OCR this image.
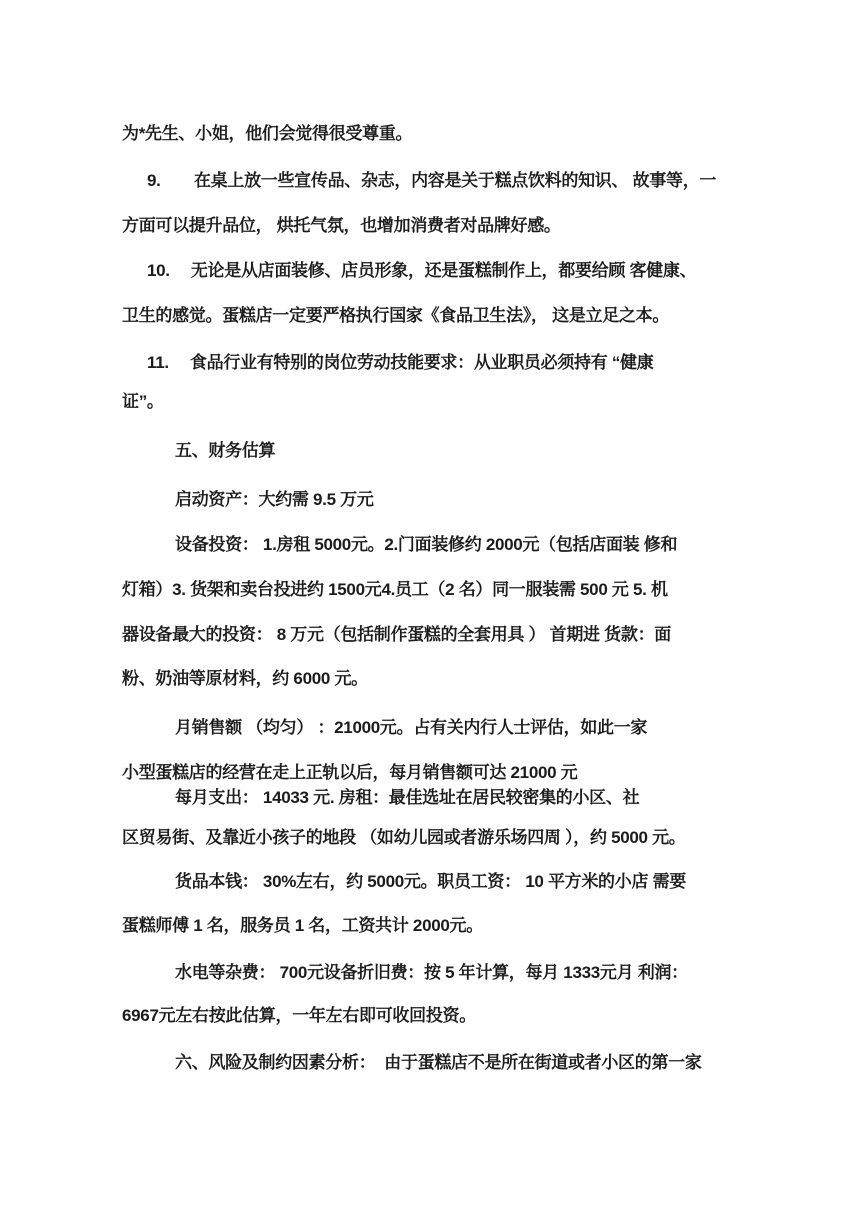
为*先生、小姐，他们会觉得很受尊重。
9.　　在桌上放一些宣传品、杂志，内容是关于糕点饮料的知识、 故事等，一
方面可以提升品位， 烘托气氛，也增加消费者对品牌好感。
10.　 无论是从店面装修、店员形象，还是蛋糕制作上，都要给顾 客健康、
卫生的感觉。蛋糕店一定要严格执行国家《食品卫生法》， 这是立足之本。
11.　 食品行业有特别的岗位劳动技能要求：从业职员必须持有 “健康
证”。
五、财务估算
启动资产：大约需 9.5 万元
设备投资： 1.房租 5000元。2.门面装修约 2000元（包括店面装 修和
灯箱）3. 货架和卖台投进约 1500元4.员工（2 名）同一服装需 500 元 5. 机
器设备最大的投资： 8 万元（包括制作蛋糕的全套用具 ） 首期进 货款：面
粉、奶油等原材料，约 6000 元。
月销售额 （均匀） ：21000元。占有关内行人士评估，如此一家
小型蛋糕店的经营在走上正轨以后，每月销售额可达 21000 元
每月支出： 14033 元. 房租：最佳选址在居民较密集的小区、社
区贸易街、及靠近小孩子的地段 （如幼儿园或者游乐场四周 ），约 5000 元。
货品本钱： 30%左右，约 5000元。职员工资： 10 平方米的小店 需要
蛋糕师傅 1 名，服务员 1 名，工资共计 2000元。
水电等杂费： 700元设备折旧费：按 5 年计算，每月 1333元月 利润：
6967元左右按此估算，一年左右即可收回投资。
六、风险及制约因素分析：  由于蛋糕店不是所在街道或者小区的第一家
